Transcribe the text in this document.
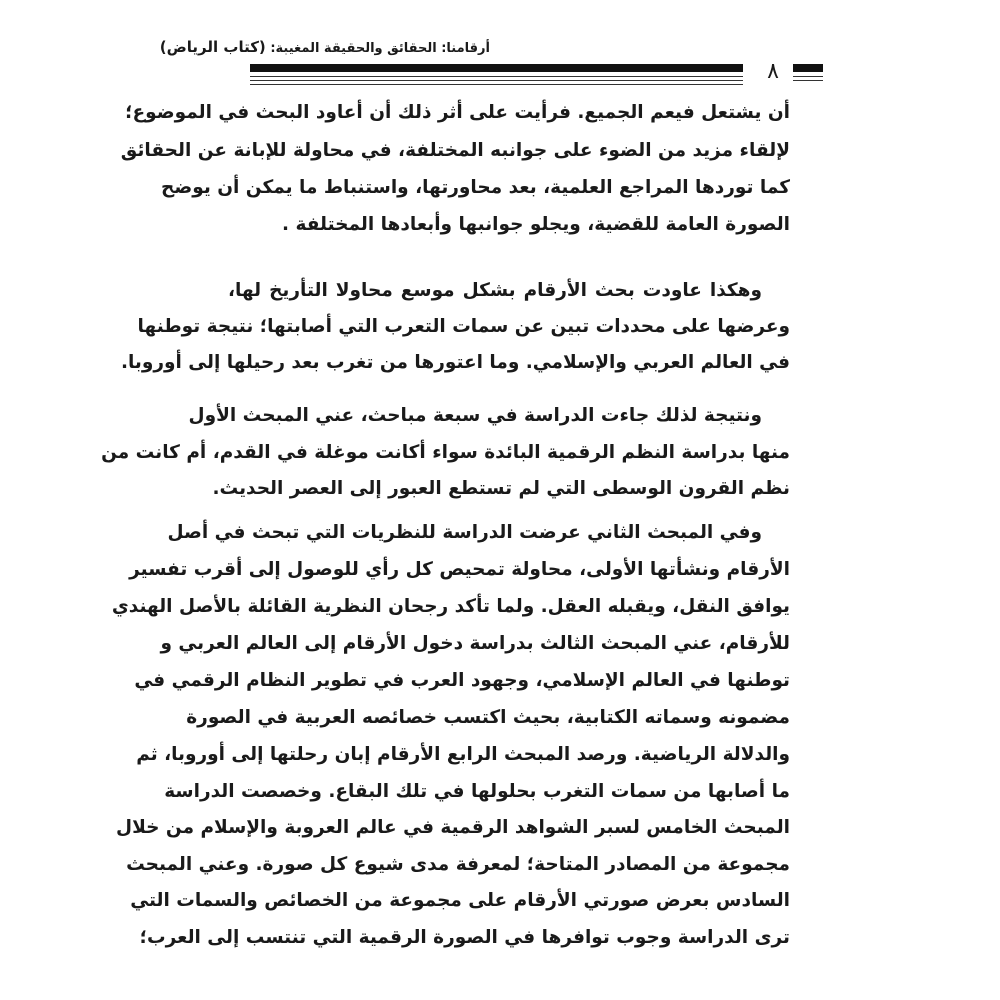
أرقامنا: الحقائق والحقيقة المغيبة: (كتاب الرياض)
٨
أن يشتعل فيعم الجميع. فرأيت على أثر ذلك أن أعاود البحث في الموضوع؛
لإلقاء مزيد من الضوء على جوانبه المختلفة، في محاولة للإبانة عن الحقائق
كما توردها المراجع العلمية، بعد محاورتها، واستنباط ما يمكن أن يوضح
الصورة العامة للقضية، ويجلو جوانبها وأبعادها المختلفة .
وهكذا عاودت بحث الأرقام بشكل موسع محاولا التأريخ لها،
وعرضها على محددات تبين عن سمات التعرب التي أصابتها؛ نتيجة توطنها
في العالم العربي والإسلامي. وما اعتورها من تغرب بعد رحيلها إلى أوروبا.
ونتيجة لذلك جاءت الدراسة في سبعة مباحث، عني المبحث الأول
منها بدراسة النظم الرقمية البائدة سواء أكانت موغلة في القدم، أم كانت من
نظم القرون الوسطى التي لم تستطع العبور إلى العصر الحديث.
وفي المبحث الثاني عرضت الدراسة للنظريات التي تبحث في أصل
الأرقام ونشأتها الأولى، محاولة تمحيص كل رأي للوصول إلى أقرب تفسير
يوافق النقل، ويقبله العقل. ولما تأكد رجحان النظرية القائلة بالأصل الهندي
للأرقام، عني المبحث الثالث بدراسة دخول الأرقام إلى العالم العربي و
توطنها في العالم الإسلامي، وجهود العرب في تطوير النظام الرقمي في
مضمونه وسماته الكتابية، بحيث اكتسب خصائصه العربية في الصورة
والدلالة الرياضية. ورصد المبحث الرابع الأرقام إبان رحلتها إلى أوروبا، ثم
ما أصابها من سمات التغرب بحلولها في تلك البقاع. وخصصت الدراسة
المبحث الخامس لسبر الشواهد الرقمية في عالم العروبة والإسلام من خلال
مجموعة من المصادر المتاحة؛ لمعرفة مدى شيوع كل صورة. وعني المبحث
السادس بعرض صورتي الأرقام على مجموعة من الخصائص والسمات التي
ترى الدراسة وجوب توافرها في الصورة الرقمية التي تنتسب إلى العرب؛
